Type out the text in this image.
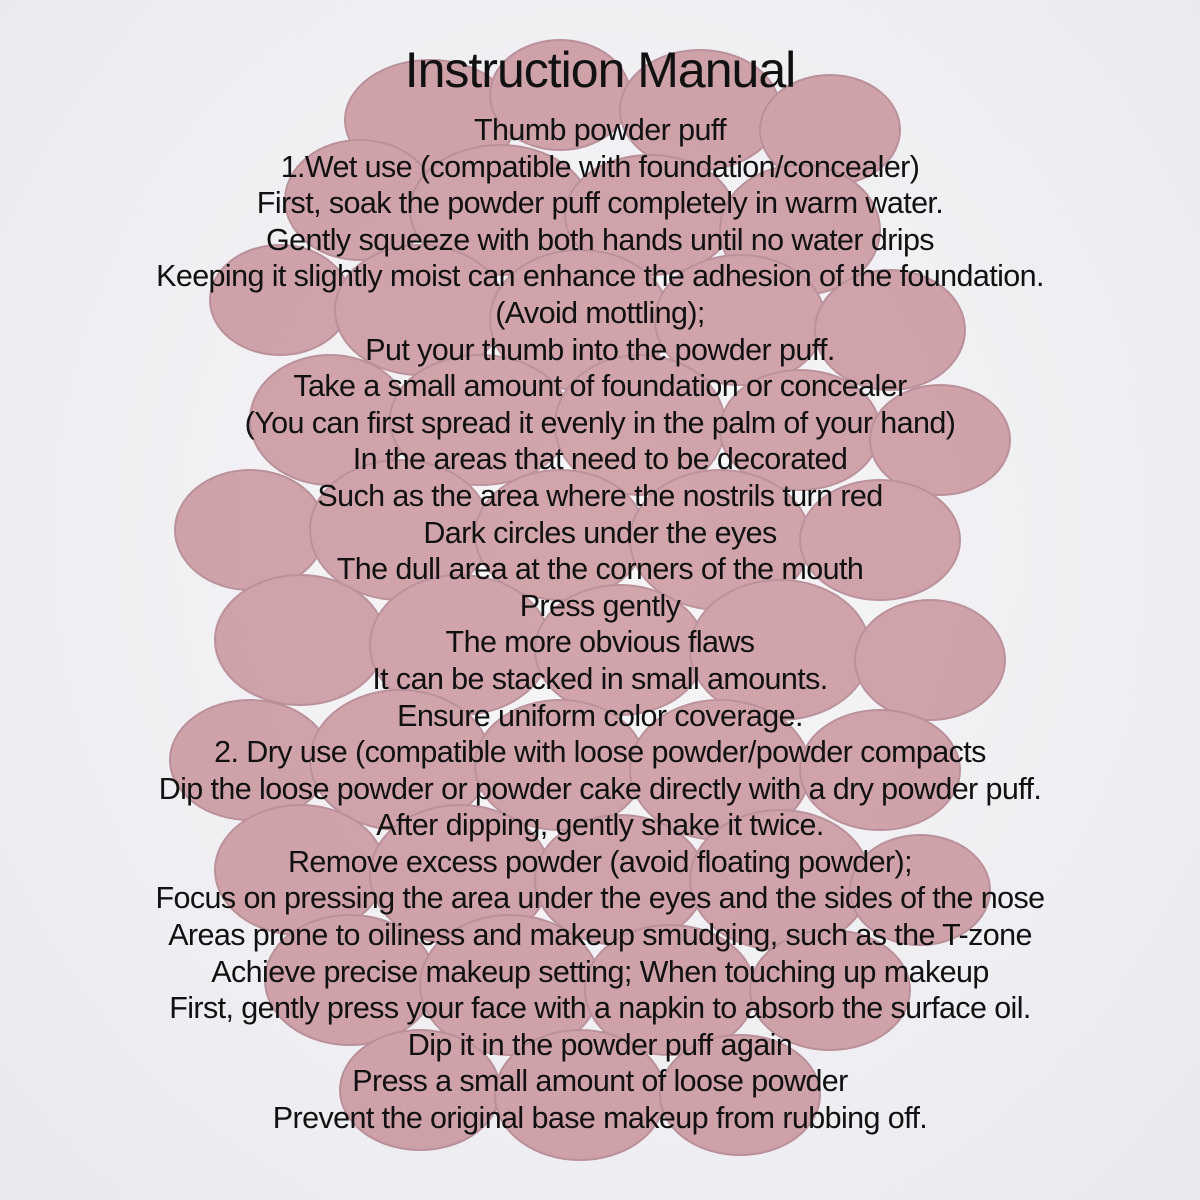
Instruction Manual
Thumb powder puff
1.Wet use (compatible with foundation/concealer)
First, soak the powder puff completely in warm water.
Gently squeeze with both hands until no water drips
Keeping it slightly moist can enhance the adhesion of the foundation.
(Avoid mottling);
Put your thumb into the powder puff.
Take a small amount of foundation or concealer
(You can first spread it evenly in the palm of your hand)
In the areas that need to be decorated
Such as the area where the nostrils turn red
Dark circles under the eyes
The dull area at the corners of the mouth
Press gently
The more obvious flaws
It can be stacked in small amounts.
Ensure uniform color coverage.
2. Dry use (compatible with loose powder/powder compacts
Dip the loose powder or powder cake directly with a dry powder puff.
After dipping, gently shake it twice.
Remove excess powder (avoid floating powder);
Focus on pressing the area under the eyes and the sides of the nose
Areas prone to oiliness and makeup smudging, such as the T-zone
Achieve precise makeup setting; When touching up makeup
First, gently press your face with a napkin to absorb the surface oil.
Dip it in the powder puff again
Press a small amount of loose powder
Prevent the original base makeup from rubbing off.
